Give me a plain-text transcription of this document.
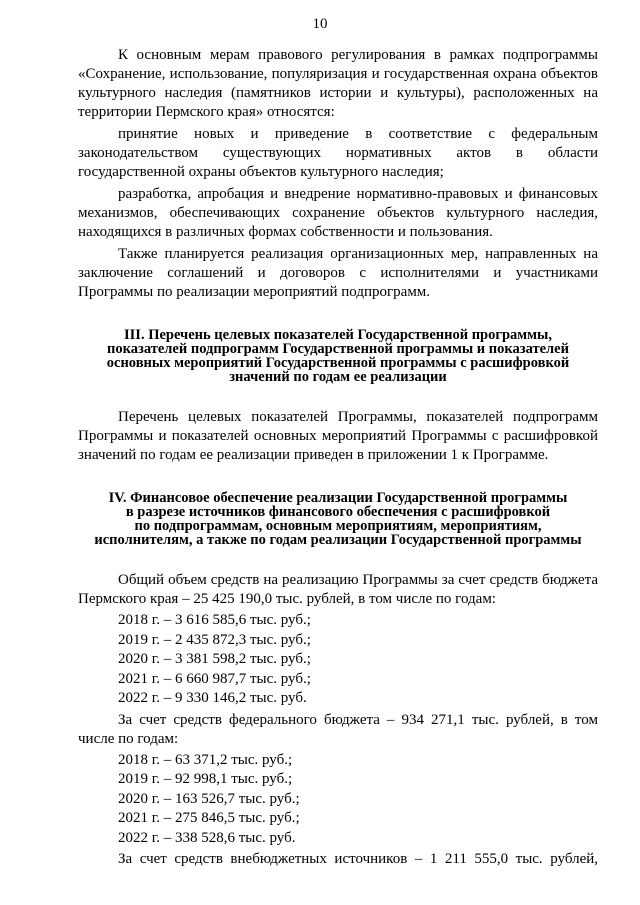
10

К основным мерам правового регулирования в рамках подпрограммы «Сохранение, использование, популяризация и государственная охрана объектов культурного наследия (памятников истории и культуры), расположенных на территории Пермского края» относятся:

принятие новых и приведение в соответствие с федеральным законодательством существующих нормативных актов в области государственной охраны объектов культурного наследия;

разработка, апробация и внедрение нормативно-правовых и финансовых механизмов, обеспечивающих сохранение объектов культурного наследия, находящихся в различных формах собственности и пользования.

Также планируется реализация организационных мер, направленных на заключение соглашений и договоров с исполнителями и участниками Программы по реализации мероприятий подпрограмм.

III. Перечень целевых показателей Государственной программы,
показателей подпрограмм Государственной программы и показателей
основных мероприятий Государственной программы с расшифровкой
значений по годам ее реализации

Перечень целевых показателей Программы, показателей подпрограмм Программы и показателей основных мероприятий Программы с расшифровкой значений по годам ее реализации приведен в приложении 1 к Программе.

IV. Финансовое обеспечение реализации Государственной программы
в разрезе источников финансового обеспечения с расшифровкой
по подпрограммам, основным мероприятиям, мероприятиям,
исполнителям, а также по годам реализации Государственной программы

Общий объем средств на реализацию Программы за счет средств бюджета Пермского края – 25 425 190,0 тыс. рублей, в том числе по годам:

2018 г. – 3 616 585,6 тыс. руб.;

2019 г. – 2 435 872,3 тыс. руб.;

2020 г. – 3 381 598,2 тыс. руб.;

2021 г. – 6 660 987,7 тыс. руб.;

2022 г. – 9 330 146,2 тыс. руб.

За счет средств федерального бюджета – 934 271,1 тыс. рублей, в том числе по годам:

2018 г. – 63 371,2 тыс. руб.;

2019 г. – 92 998,1 тыс. руб.;

2020 г. – 163 526,7 тыс. руб.;

2021 г. – 275 846,5 тыс. руб.;

2022 г. – 338 528,6 тыс. руб.

За счет средств внебюджетных источников – 1 211 555,0 тыс. рублей,
